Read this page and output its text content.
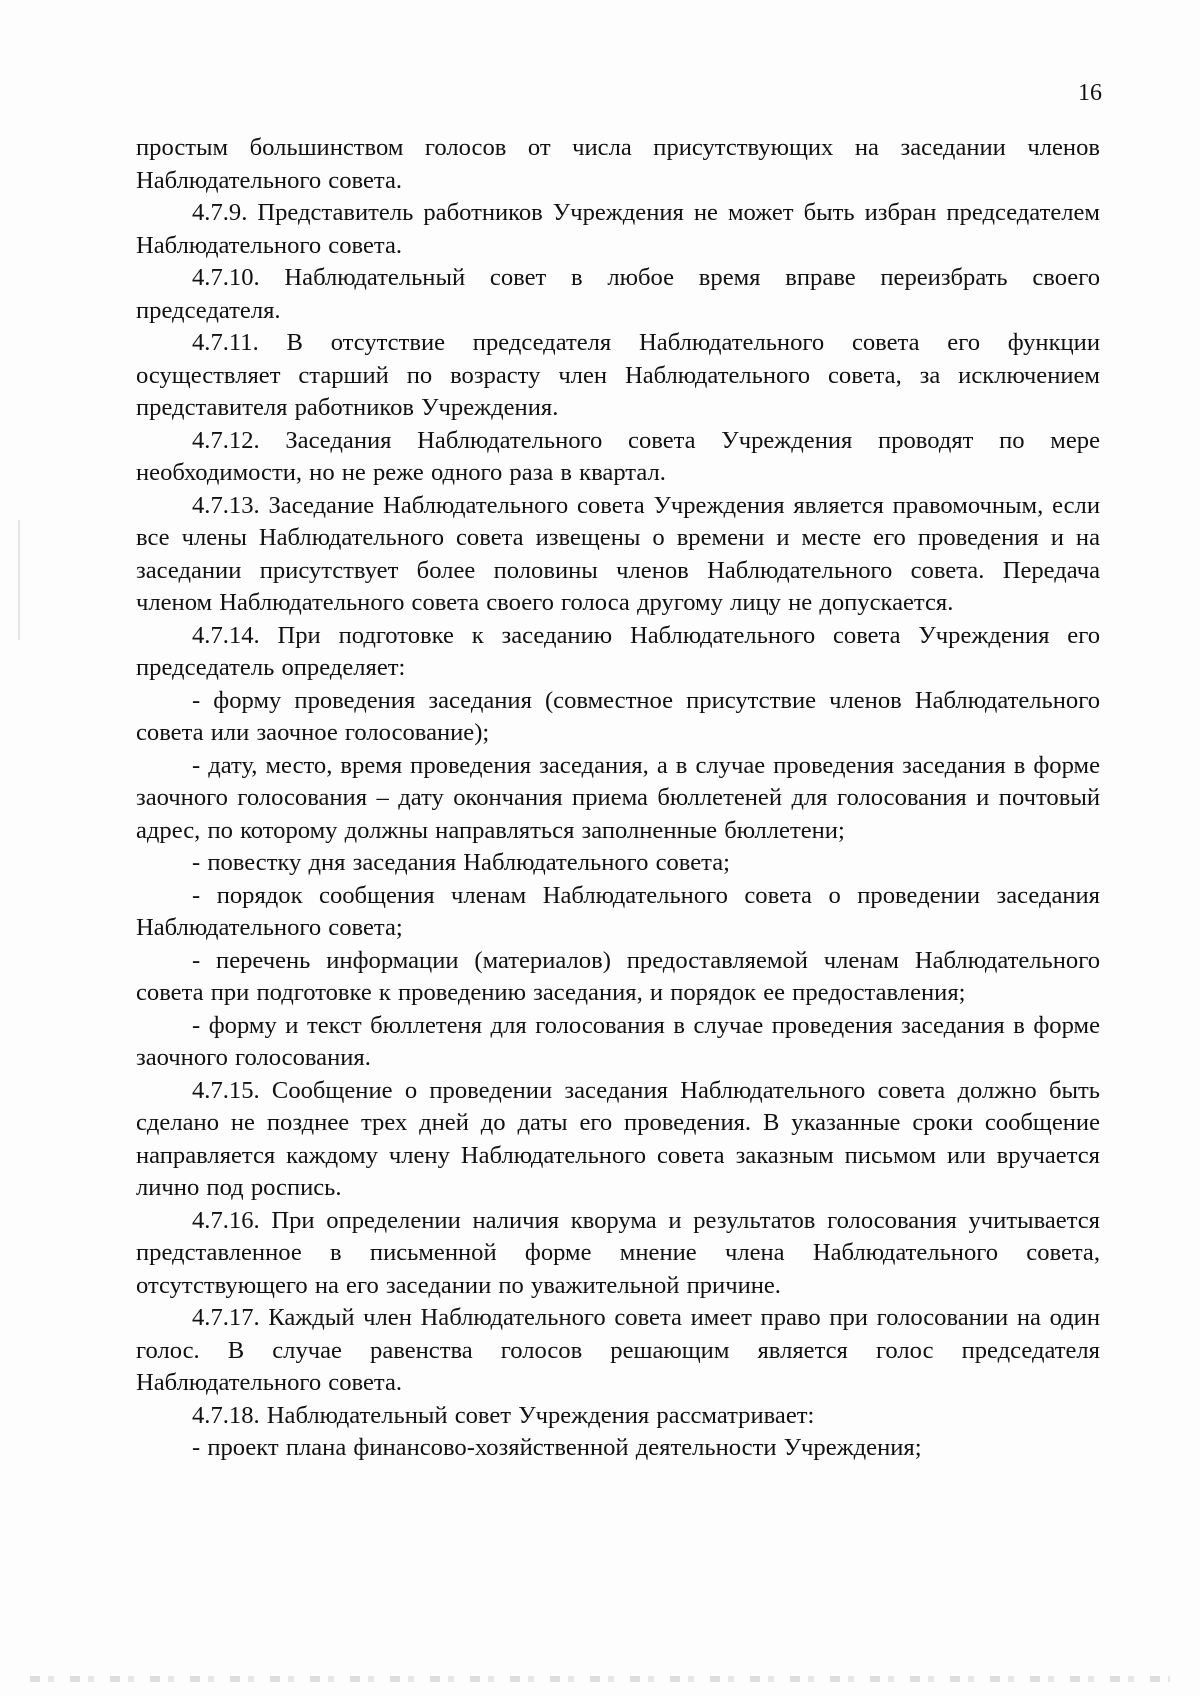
16

простым большинством голосов от числа присутствующих на заседании членов Наблюдательного совета.

4.7.9. Представитель работников Учреждения не может быть избран председателем Наблюдательного совета.

4.7.10. Наблюдательный совет в любое время вправе переизбрать своего председателя.

4.7.11. В отсутствие председателя Наблюдательного совета его функции осуществляет старший по возрасту член Наблюдательного совета, за исключением представителя работников Учреждения.

4.7.12. Заседания Наблюдательного совета Учреждения проводят по мере необходимости, но не реже одного раза в квартал.

4.7.13. Заседание Наблюдательного совета Учреждения является правомочным, если все члены Наблюдательного совета извещены о времени и месте его проведения и на заседании присутствует более половины членов Наблюдательного совета. Передача членом Наблюдательного совета своего голоса другому лицу не допускается.

4.7.14. При подготовке к заседанию Наблюдательного совета Учреждения его председатель определяет:

- форму проведения заседания (совместное присутствие членов Наблюдательного совета или заочное голосование);

- дату, место, время проведения заседания, а в случае проведения заседания в форме заочного голосования – дату окончания приема бюллетеней для голосования и почтовый адрес, по которому должны направляться заполненные бюллетени;

- повестку дня заседания Наблюдательного совета;

- порядок сообщения членам Наблюдательного совета о проведении заседания Наблюдательного совета;

- перечень информации (материалов) предоставляемой членам Наблюдательного совета при подготовке к проведению заседания, и порядок ее предоставления;

- форму и текст бюллетеня для голосования в случае проведения заседания в форме заочного голосования.

4.7.15. Сообщение о проведении заседания Наблюдательного совета должно быть сделано не позднее трех дней до даты его проведения. В указанные сроки сообщение направляется каждому члену Наблюдательного совета заказным письмом или вручается лично под роспись.

4.7.16. При определении наличия кворума и результатов голосования учитывается представленное в письменной форме мнение члена Наблюдательного совета, отсутствующего на его заседании по уважительной причине.

4.7.17. Каждый член Наблюдательного совета имеет право при голосовании на один голос. В случае равенства голосов решающим является голос председателя Наблюдательного совета.

4.7.18. Наблюдательный совет Учреждения рассматривает:

- проект плана финансово-хозяйственной деятельности Учреждения;
